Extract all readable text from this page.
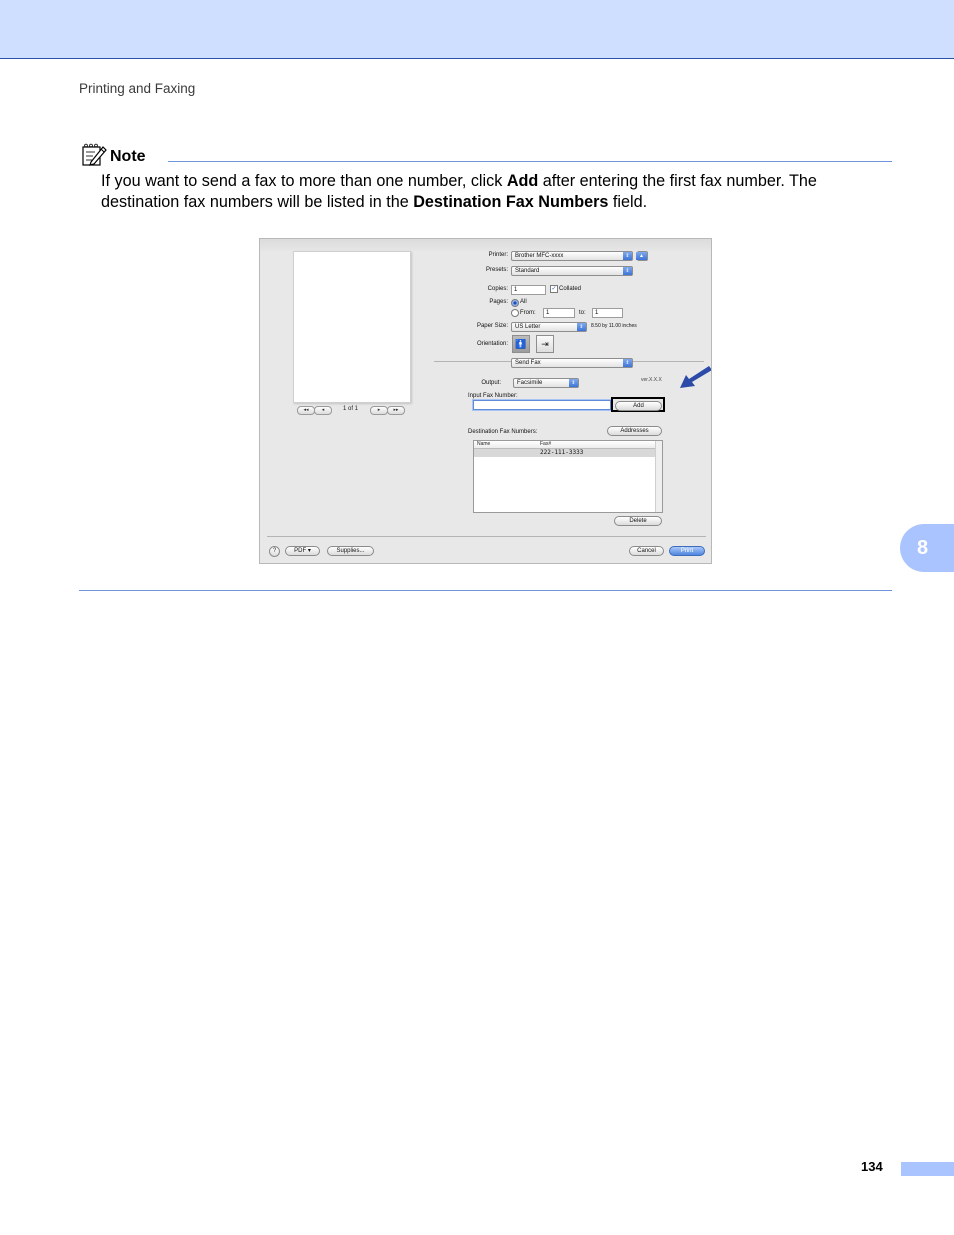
Printing and Faxing
Note
If you want to send a fax to more than one number, click Add after entering the first fax number. The destination fax numbers will be listed in the Destination Fax Numbers field.
◂◂	◂	1 of 1	▸	▸▸
Printer:	Brother MFC-xxxx	⇕	▲
Presets:	Standard	⇕
Copies:	1	✓ Collated
Pages: All
From:	1	to:	1
Paper Size:	US Letter	⇕	8.50 by 11.00 inches
Orientation: 🚹	⇥
Send Fax	⇕
ver.X.X.X
Output:	Facsimile	⇕
Input Fax Number:
Add
Destination Fax Numbers:	Addresses
Name	Fax#
222-111-3333
Delete
?	PDF ▾	Supplies...	Cancel	Print	8
134
